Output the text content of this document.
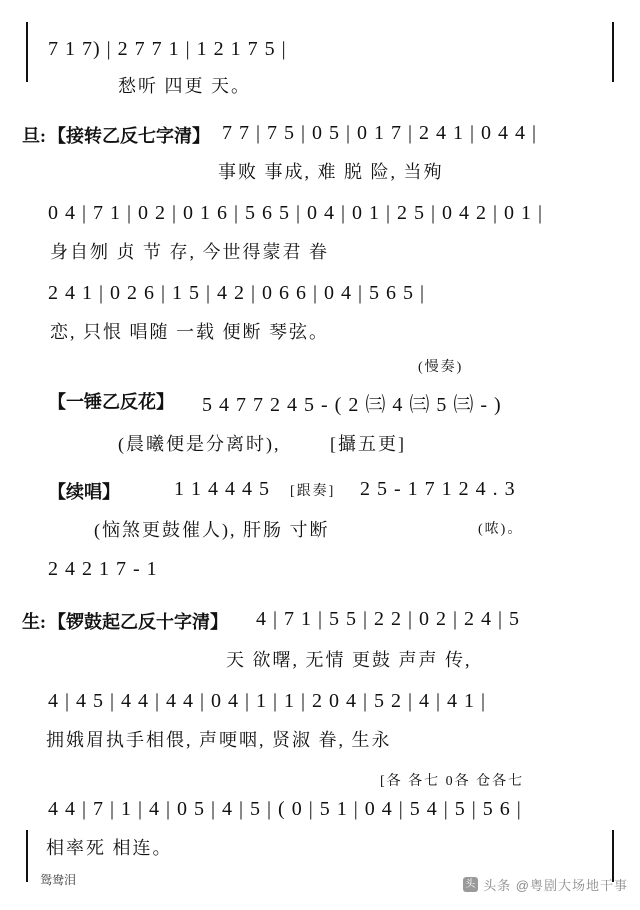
7 1 7) | 2 7 7 1 | 1 2 1 7 5 |
愁听 四更 天。
旦: 【接转乙反七字清】 7 7 | 7 5 | 0 5 | 0 1 7 | 2 4 1 | 0 4 4 |
事败 事成, 难 脱 险, 当殉
0 4 | 7 1 | 0 2 | 0 1 6 | 5 6 5 | 0 4 | 0 1 | 2 5 | 0 4 2 | 0 1 |
身自刎 贞 节 存, 今世得蒙君 眷
2 4 1 | 0 2 6 | 1 5 | 4 2 | 0 6 6 | 0 4 | 5 6 5 |
恋, 只恨 唱随 一载 便断 琴弦。
(慢奏)
【一锤乙反花】 5 4 7 7 2 4 5 - ( 2 ㈢ 4 ㈢ 5 ㈢ - )
(晨曦便是分离时),	[攝五更]
【续唱】	1 1 4 4 4 5 [跟奏] 2 5 - 1 7 1 2 4 . 3
(恼煞更鼓催人), 肝肠 寸断	(哝)。
2 4 2 1 7 - 1
生: 【锣鼓起乙反十字清】 4 | 7 1 | 5 5 | 2 2 | 0 2 | 2 4 | 5
天 欲曙, 无情 更鼓 声声 传,
4 | 4 5 | 4 4 | 4 4 | 0 4 | 1 | 1 | 2 0 4 | 5 2 | 4 | 4 1 |
拥娥眉执手相偎, 声哽咽, 贤淑 眷, 生永
[各 各七 0各 仓各七
4 4 | 7 | 1 | 4 | 0 5 | 4 | 5 | ( 0 | 5 1 | 0 4 | 5 4 | 5 | 5 6 |
相率死 相连。
鸳鸯泪	头 头条 @粤剧大场地干事
